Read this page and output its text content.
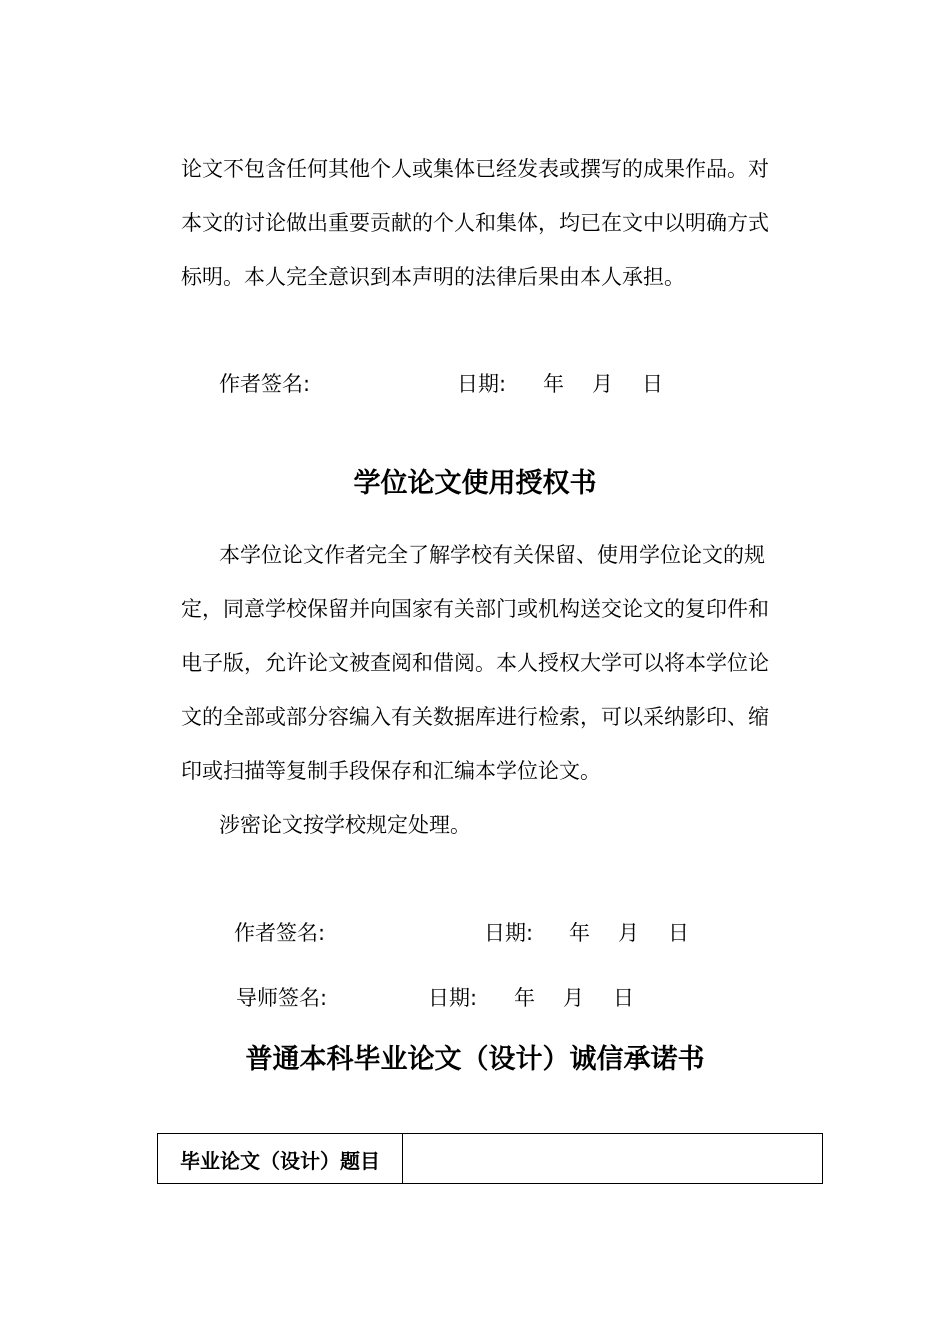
论文不包含任何其他个人或集体已经发表或撰写的成果作品。对
本文的讨论做出重要贡献的个人和集体，均已在文中以明确方式
标明。本人完全意识到本声明的法律后果由本人承担。
作者签名:	日期: 年 月 日
学位论文使用授权书
本学位论文作者完全了解学校有关保留、使用学位论文的规
定，同意学校保留并向国家有关部门或机构送交论文的复印件和
电子版，允许论文被查阅和借阅。本人授权大学可以将本学位论
文的全部或部分容编入有关数据库进行检索，可以采纳影印、缩
印或扫描等复制手段保存和汇编本学位论文。
涉密论文按学校规定处理。
作者签名:	日期: 年 月 日
导师签名:	日期: 年 月 日
普通本科毕业论文（设计）诚信承诺书
毕业论文（设计）题目	
